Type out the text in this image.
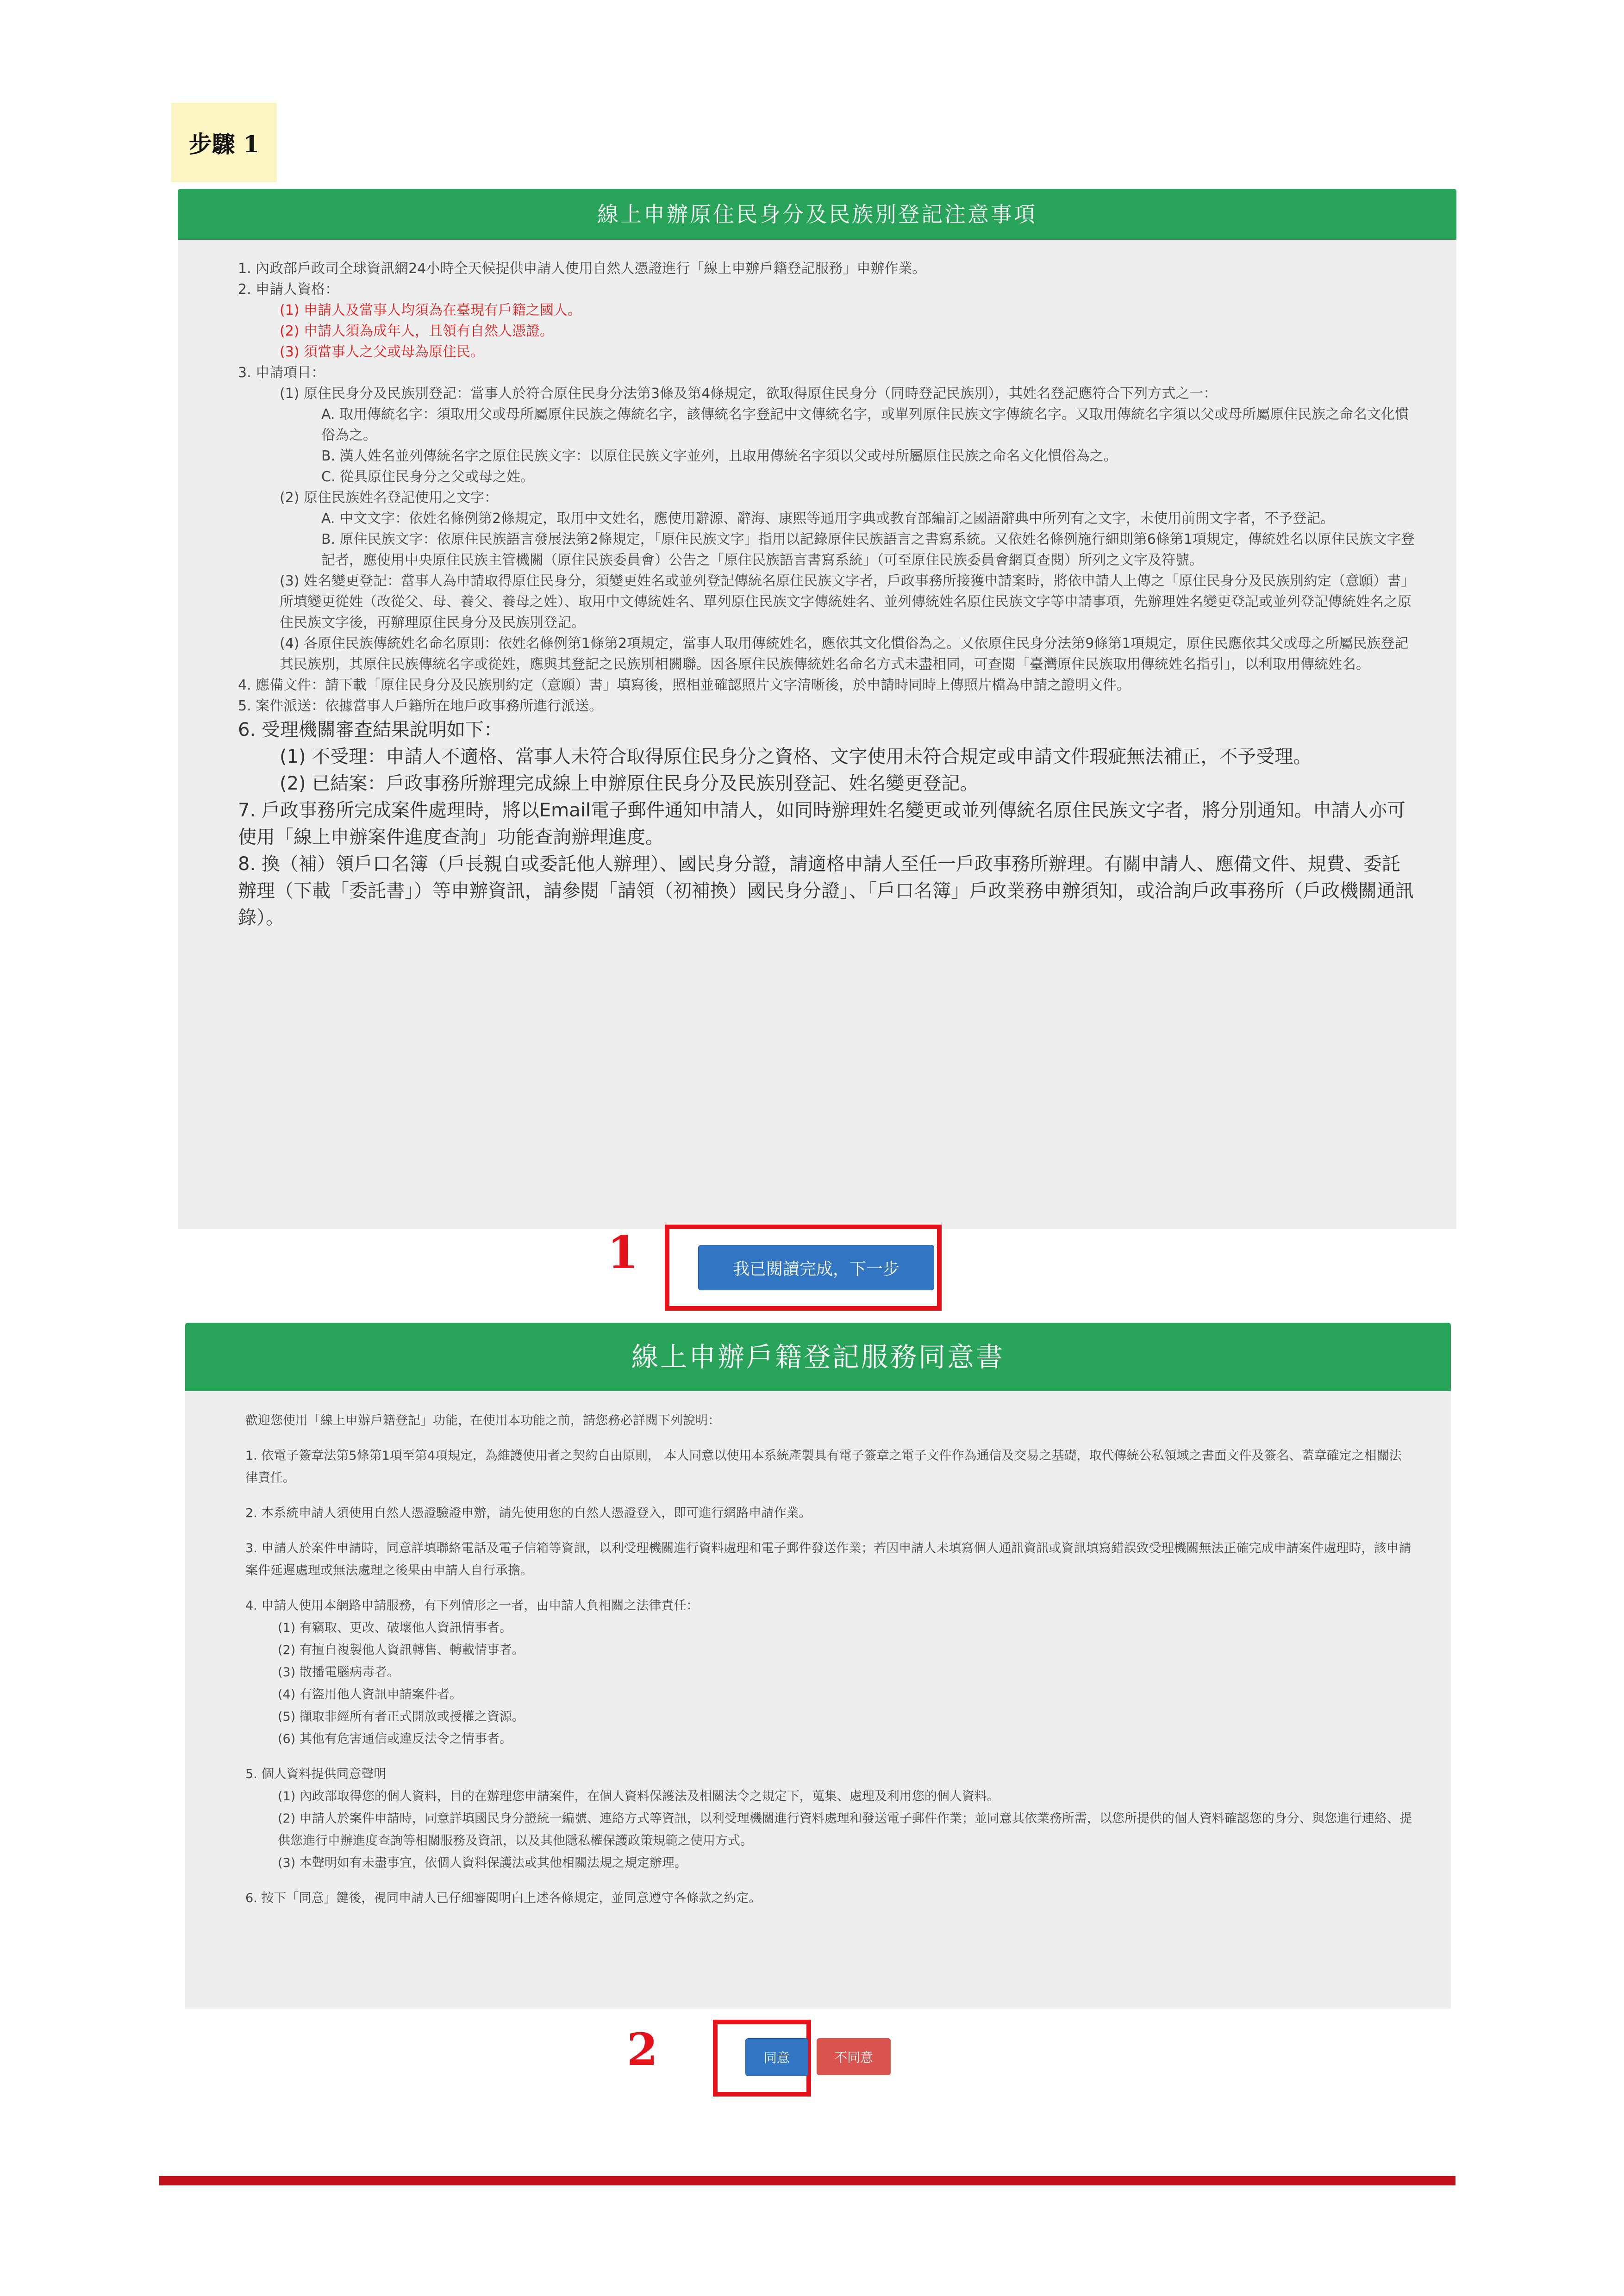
步驟 1
線上申辦原住民身分及民族別登記注意事項
1. 內政部戶政司全球資訊網24小時全天候提供申請人使用自然人憑證進行「線上申辦戶籍登記服務」申辦作業。
2. 申請人資格：
(1) 申請人及當事人均須為在臺現有戶籍之國人。
(2) 申請人須為成年人，且領有自然人憑證。
(3) 須當事人之父或母為原住民。
3. 申請項目：
(1) 原住民身分及民族別登記：當事人於符合原住民身分法第3條及第4條規定，欲取得原住民身分（同時登記民族別），其姓名登記應符合下列方式之一：
A. 取用傳統名字：須取用父或母所屬原住民族之傳統名字，該傳統名字登記中文傳統名字，或單列原住民族文字傳統名字。又取用傳統名字須以父或母所屬原住民族之命名文化慣俗為之。
B. 漢人姓名並列傳統名字之原住民族文字：以原住民族文字並列，且取用傳統名字須以父或母所屬原住民族之命名文化慣俗為之。
C. 從具原住民身分之父或母之姓。
(2) 原住民族姓名登記使用之文字：
A. 中文文字：依姓名條例第2條規定，取用中文姓名，應使用辭源、辭海、康熙等通用字典或教育部編訂之國語辭典中所列有之文字，未使用前開文字者，不予登記。
B. 原住民族文字：依原住民族語言發展法第2條規定，「原住民族文字」指用以記錄原住民族語言之書寫系統。又依姓名條例施行細則第6條第1項規定，傳統姓名以原住民族文字登記者，應使用中央原住民族主管機關（原住民族委員會）公告之「原住民族語言書寫系統」（可至原住民族委員會網頁查閱）所列之文字及符號。
(3) 姓名變更登記：當事人為申請取得原住民身分，須變更姓名或並列登記傳統名原住民族文字者，戶政事務所接獲申請案時，將依申請人上傳之「原住民身分及民族別約定（意願）書」所填變更從姓（改從父、母、養父、養母之姓）、取用中文傳統姓名、單列原住民族文字傳統姓名、並列傳統姓名原住民族文字等申請事項，先辦理姓名變更登記或並列登記傳統姓名之原住民族文字後，再辦理原住民身分及民族別登記。
(4) 各原住民族傳統姓名命名原則：依姓名條例第1條第2項規定，當事人取用傳統姓名，應依其文化慣俗為之。又依原住民身分法第9條第1項規定，原住民應依其父或母之所屬民族登記其民族別，其原住民族傳統名字或從姓，應與其登記之民族別相關聯。因各原住民族傳統姓名命名方式未盡相同，可查閱「臺灣原住民族取用傳統姓名指引」，以利取用傳統姓名。
4. 應備文件：請下載「原住民身分及民族別約定（意願）書」填寫後，照相並確認照片文字清晰後，於申請時同時上傳照片檔為申請之證明文件。
5. 案件派送：依據當事人戶籍所在地戶政事務所進行派送。
6. 受理機關審查結果說明如下：
(1) 不受理：申請人不適格、當事人未符合取得原住民身分之資格、文字使用未符合規定或申請文件瑕疵無法補正，不予受理。
(2) 已結案：戶政事務所辦理完成線上申辦原住民身分及民族別登記、姓名變更登記。
7. 戶政事務所完成案件處理時，將以Email電子郵件通知申請人，如同時辦理姓名變更或並列傳統名原住民族文字者，將分別通知。申請人亦可使用「線上申辦案件進度查詢」功能查詢辦理進度。
8. 換（補）領戶口名簿（戶長親自或委託他人辦理）、國民身分證，請適格申請人至任一戶政事務所辦理。有關申請人、應備文件、規費、委託辦理（下載「委託書」）等申辦資訊，請參閱「請領（初補換）國民身分證」、「戶口名簿」戶政業務申辦須知，或洽詢戶政事務所（戶政機關通訊錄）。
1	我已閱讀完成，下一步
線上申辦戶籍登記服務同意書
歡迎您使用「線上申辦戶籍登記」功能，在使用本功能之前，請您務必詳閱下列說明：
1. 依電子簽章法第5條第1項至第4項規定，為維護使用者之契約自由原則， 本人同意以使用本系統產製具有電子簽章之電子文件作為通信及交易之基礎，取代傳統公私領域之書面文件及簽名、蓋章確定之相關法律責任。
2. 本系統申請人須使用自然人憑證驗證申辦，請先使用您的自然人憑證登入，即可進行網路申請作業。
3. 申請人於案件申請時，同意詳填聯絡電話及電子信箱等資訊，以利受理機關進行資料處理和電子郵件發送作業；若因申請人未填寫個人通訊資訊或資訊填寫錯誤致受理機關無法正確完成申請案件處理時，該申請案件延遲處理或無法處理之後果由申請人自行承擔。
4. 申請人使用本網路申請服務，有下列情形之一者，由申請人負相關之法律責任：
(1) 有竊取、更改、破壞他人資訊情事者。
(2) 有擅自複製他人資訊轉售、轉載情事者。
(3) 散播電腦病毒者。
(4) 有盜用他人資訊申請案件者。
(5) 擷取非經所有者正式開放或授權之資源。
(6) 其他有危害通信或違反法令之情事者。
5. 個人資料提供同意聲明
(1) 內政部取得您的個人資料，目的在辦理您申請案件，在個人資料保護法及相關法令之規定下，蒐集、處理及利用您的個人資料。
(2) 申請人於案件申請時，同意詳填國民身分證統一編號、連絡方式等資訊，以利受理機關進行資料處理和發送電子郵件作業；並同意其依業務所需，以您所提供的個人資料確認您的身分、與您進行連絡、提供您進行申辦進度查詢等相關服務及資訊，以及其他隱私權保護政策規範之使用方式。
(3) 本聲明如有未盡事宜，依個人資料保護法或其他相關法規之規定辦理。
6. 按下「同意」鍵後，視同申請人已仔細審閱明白上述各條規定，並同意遵守各條款之約定。
2	同意	不同意
